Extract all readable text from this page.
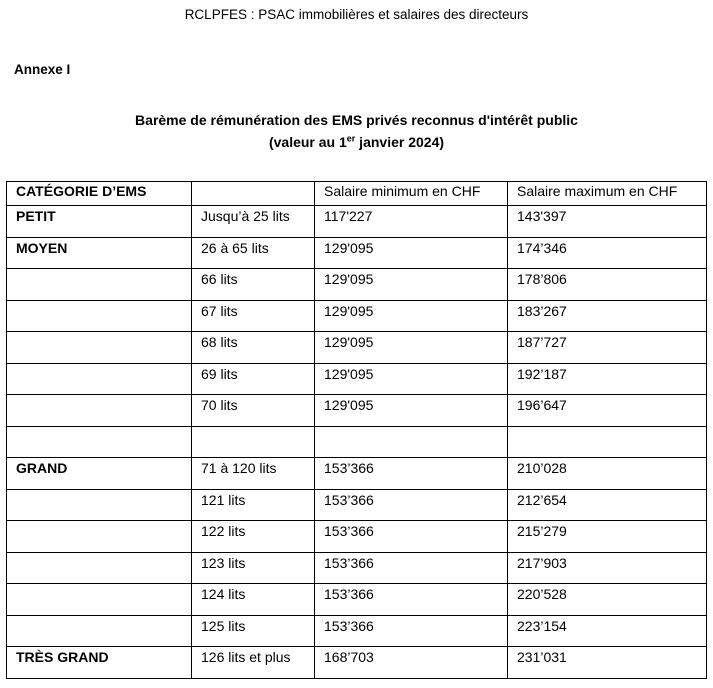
RCLPFES : PSAC immobilières et salaires des directeurs
Annexe I
Barème de rémunération des EMS privés reconnus d'intérêt public
(valeur au 1er janvier 2024)
CATÉGORIE D’EMS		Salaire minimum en CHF	Salaire maximum en CHF
PETIT	Jusqu’à 25 lits	117'227	143'397
MOYEN	26 à 65 lits	129'095	174’346
	66 lits	129'095	178’806
	67 lits	129'095	183’267
	68 lits	129'095	187’727
	69 lits	129'095	192’187
	70 lits	129'095	196’647

GRAND	71 à 120 lits	153’366	210’028
	121 lits	153’366	212’654
	122 lits	153’366	215’279
	123 lits	153’366	217’903
	124 lits	153’366	220’528
	125 lits	153’366	223’154
TRÈS GRAND	126 lits et plus	168’703	231’031
